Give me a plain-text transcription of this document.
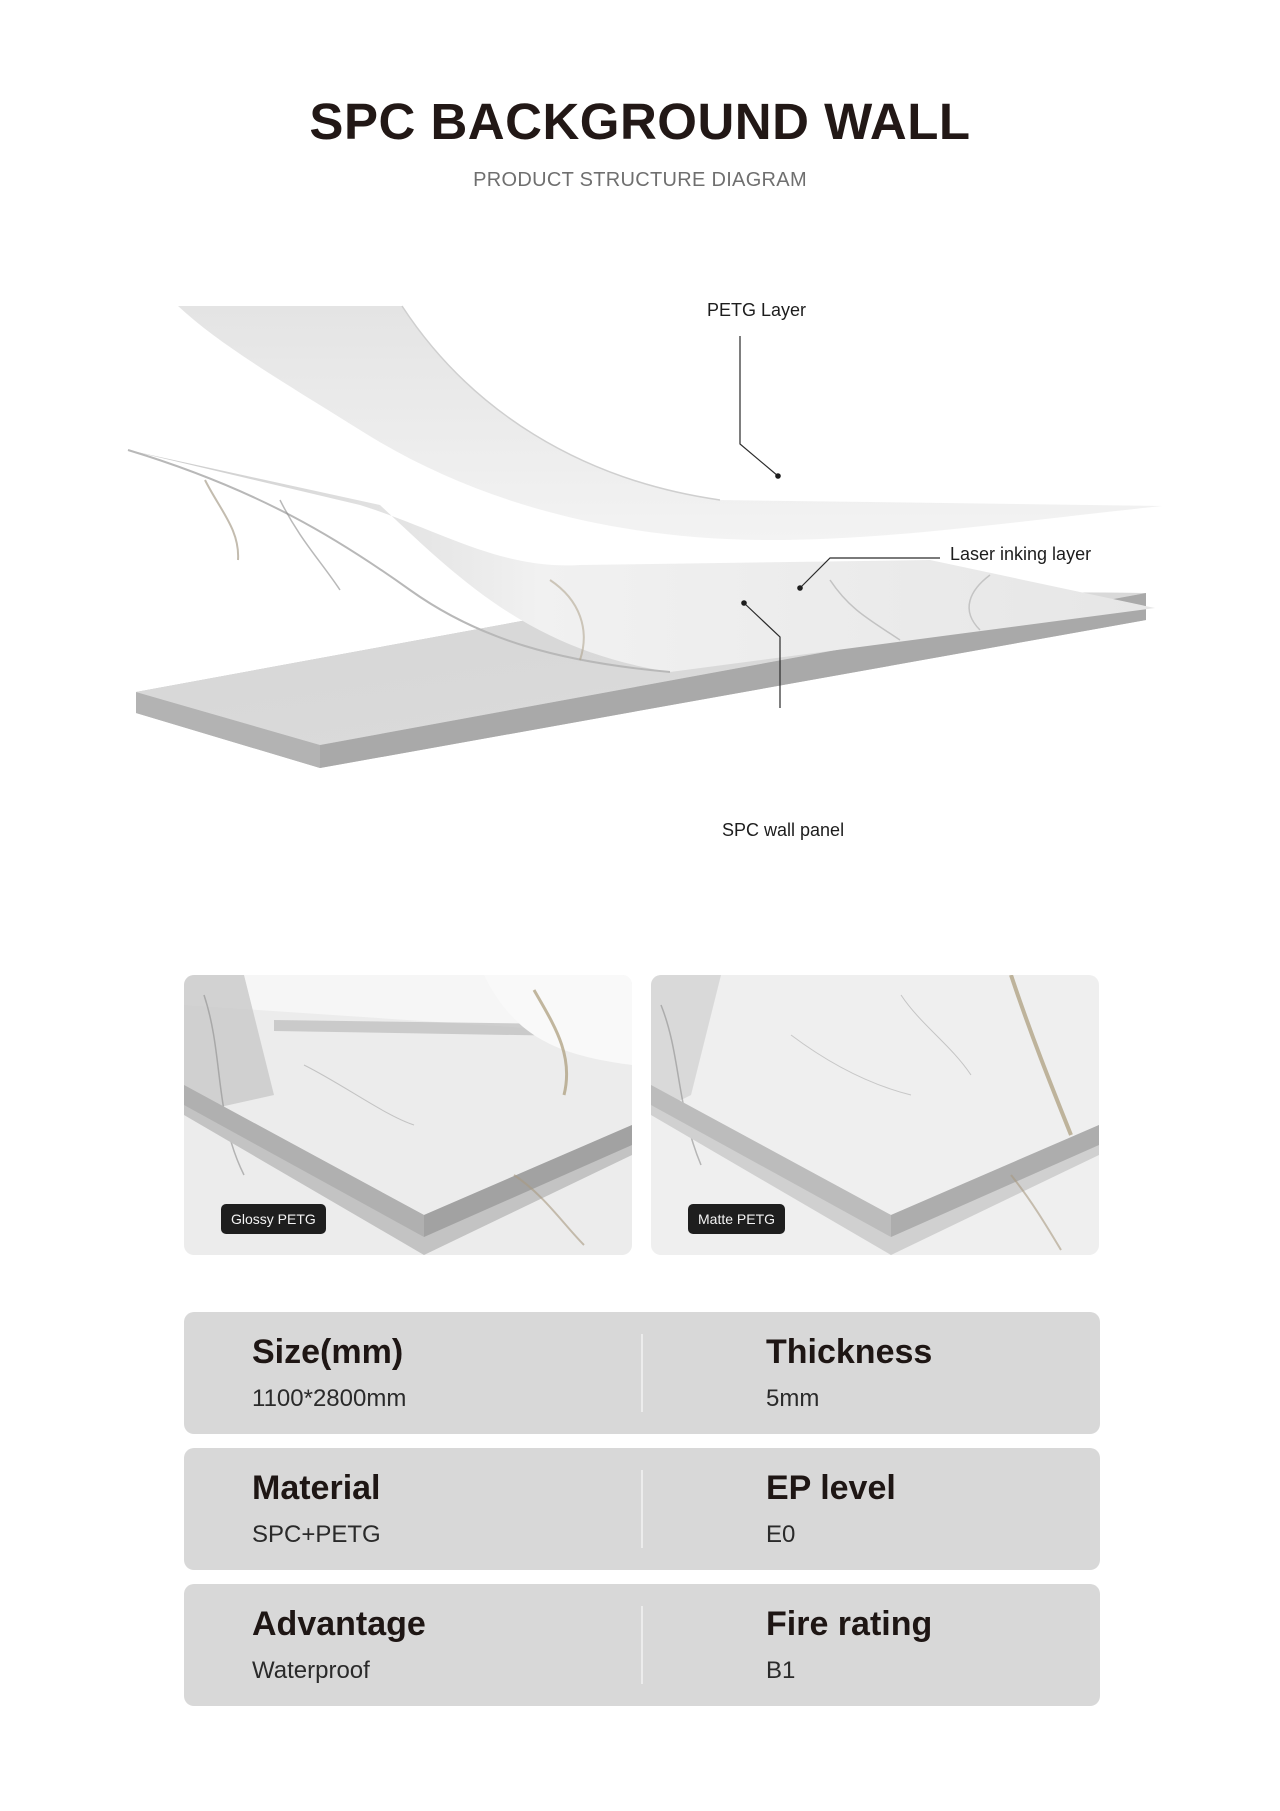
SPC BACKGROUND WALL
PRODUCT STRUCTURE DIAGRAM
PETG Layer
Laser inking layer
SPC wall panel
Glossy PETG	Matte PETG
Size(mm)
1100*2800mm
Thickness
5mm
Material
SPC+PETG
EP level
E0
Advantage
Waterproof
Fire rating
B1
